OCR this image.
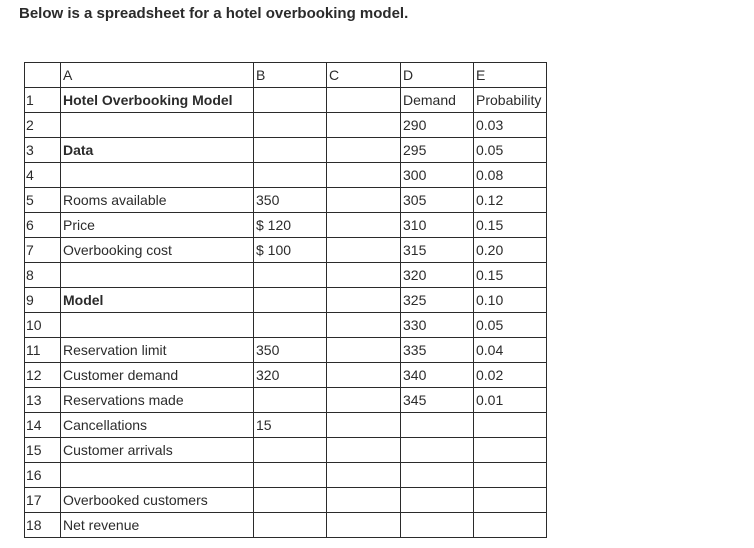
Below is a spreadsheet for a hotel overbooking model.
	A	B	C	D	E
1	Hotel Overbooking Model			Demand	Probability
2				290	0.03
3	Data			295	0.05
4				300	0.08
5	Rooms available	350		305	0.12
6	Price	$ 120		310	0.15
7	Overbooking cost	$ 100		315	0.20
8				320	0.15
9	Model			325	0.10
10				330	0.05
11	Reservation limit	350		335	0.04
12	Customer demand	320		340	0.02
13	Reservations made			345	0.01
14	Cancellations	15			
15	Customer arrivals				
16					
17	Overbooked customers				
18	Net revenue				
